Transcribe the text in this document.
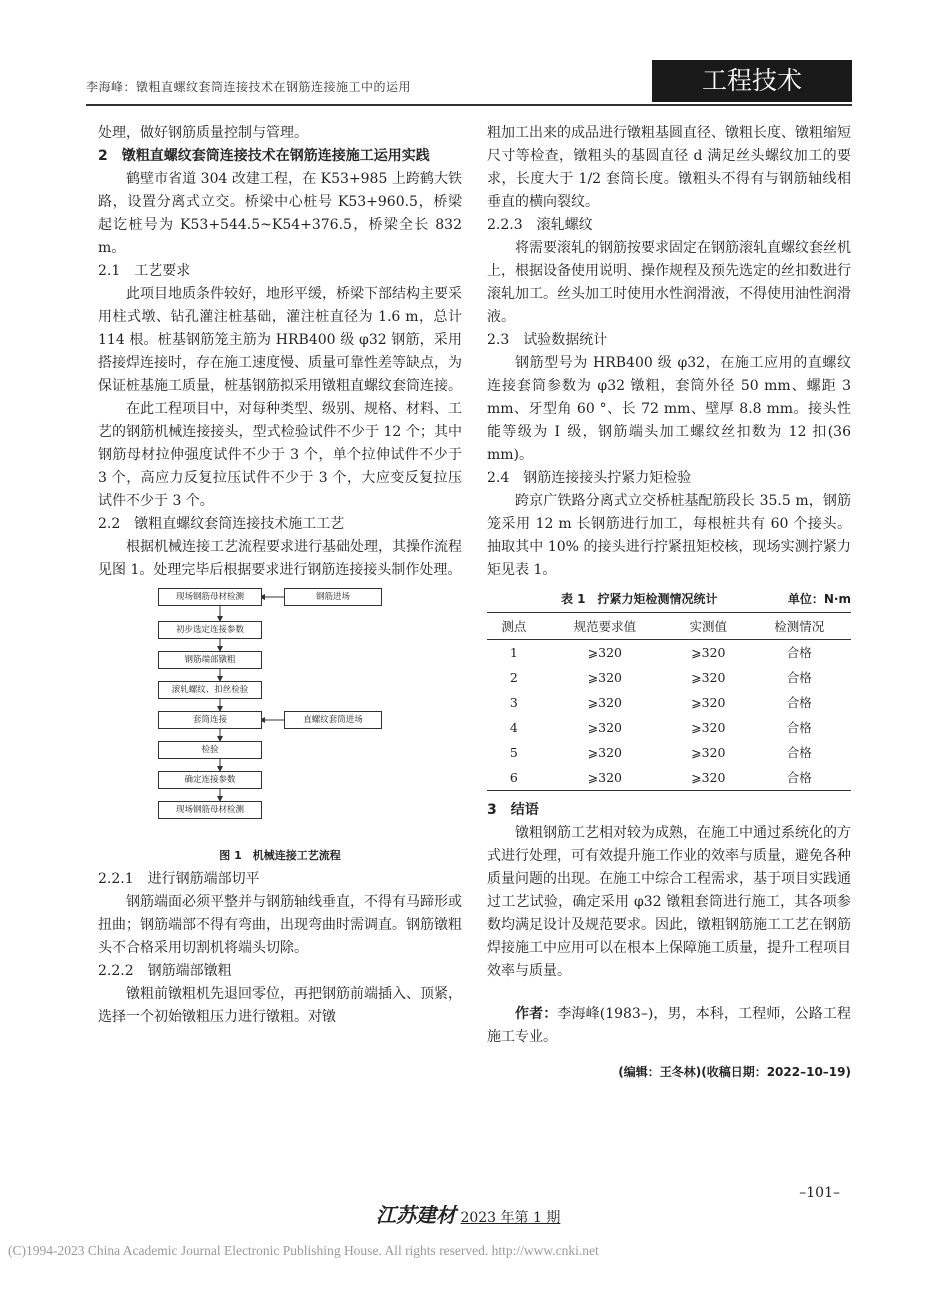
李海峰：镦粗直螺纹套筒连接技术在钢筋连接施工中的运用	工程技术

处理，做好钢筋质量控制与管理。

2　镦粗直螺纹套筒连接技术在钢筋连接施工运用实践

鹤壁市省道 304 改建工程，在 K53+985 上跨鹤大铁路，设置分离式立交。桥梁中心桩号 K53+960.5，桥梁起讫桩号为 K53+544.5~K54+376.5，桥梁全长 832 m。

2.1　工艺要求

此项目地质条件较好，地形平缓，桥梁下部结构主要采用柱式墩、钻孔灌注桩基础，灌注桩直径为 1.6 m，总计 114 根。桩基钢筋笼主筋为 HRB400 级 φ32 钢筋，采用搭接焊连接时，存在施工速度慢、质量可靠性差等缺点，为保证桩基施工质量，桩基钢筋拟采用镦粗直螺纹套筒连接。

在此工程项目中，对每种类型、级别、规格、材料、工艺的钢筋机械连接接头，型式检验试件不少于 12 个；其中钢筋母材拉伸强度试件不少于 3 个，单个拉伸试件不少于 3 个，高应力反复拉压试件不少于 3 个，大应变反复拉压试件不少于 3 个。

2.2　镦粗直螺纹套筒连接技术施工工艺

根据机械连接工艺流程要求进行基础处理，其操作流程见图 1。处理完毕后根据要求进行钢筋连接接头制作处理。

现场钢筋母材检测	钢筋进场
初步选定连接参数
钢筋端部镦粗
滚轧螺纹、扣丝检验
套筒连接	直螺纹套筒进场
检验
确定连接参数
现场钢筋母材检测
图 1　机械连接工艺流程

2.2.1　进行钢筋端部切平

钢筋端面必须平整并与钢筋轴线垂直，不得有马蹄形或扭曲；钢筋端部不得有弯曲，出现弯曲时需调直。钢筋镦粗头不合格采用切割机将端头切除。

2.2.2　钢筋端部镦粗

镦粗前镦粗机先退回零位，再把钢筋前端插入、顶紧，选择一个初始镦粗压力进行镦粗。对镦

粗加工出来的成品进行镦粗基圆直径、镦粗长度、镦粗缩短尺寸等检查，镦粗头的基圆直径 d 满足丝头螺纹加工的要求，长度大于 1/2 套筒长度。镦粗头不得有与钢筋轴线相垂直的横向裂纹。

2.2.3　滚轧螺纹

将需要滚轧的钢筋按要求固定在钢筋滚轧直螺纹套丝机上，根据设备使用说明、操作规程及预先选定的丝扣数进行滚轧加工。丝头加工时使用水性润滑液，不得使用油性润滑液。

2.3　试验数据统计

钢筋型号为 HRB400 级 φ32，在施工应用的直螺纹连接套筒参数为 φ32 镦粗，套筒外径 50 mm、螺距 3 mm、牙型角 60 °、长 72 mm、壁厚 8.8 mm。接头性能等级为 Ⅰ 级，钢筋端头加工螺纹丝扣数为 12 扣(36 mm)。

2.4　钢筋连接接头拧紧力矩检验

跨京广铁路分离式立交桥桩基配筋段长 35.5 m，钢筋笼采用 12 m 长钢筋进行加工，每根桩共有 60 个接头。抽取其中 10% 的接头进行拧紧扭矩校核，现场实测拧紧力矩见表 1。

表 1　拧紧力矩检测情况统计	单位：N·m
测点	规范要求值	实测值	检测情况
1	⩾320	⩾320	合格
2	⩾320	⩾320	合格
3	⩾320	⩾320	合格
4	⩾320	⩾320	合格
5	⩾320	⩾320	合格
6	⩾320	⩾320	合格

3　结语

镦粗钢筋工艺相对较为成熟，在施工中通过系统化的方式进行处理，可有效提升施工作业的效率与质量，避免各种质量问题的出现。在施工中综合工程需求，基于项目实践通过工艺试验，确定采用 φ32 镦粗套筒进行施工，其各项参数均满足设计及规范要求。因此，镦粗钢筋施工工艺在钢筋焊接施工中应用可以在根本上保障施工质量，提升工程项目效率与质量。

作者：李海峰(1983–)，男，本科，工程师，公路工程施工专业。

(编辑：王冬林)(收稿日期：2022–10–19)

–101–
江苏建材 2023 年第 1 期
(C)1994-2023 China Academic Journal Electronic Publishing House. All rights reserved. http://www.cnki.net
